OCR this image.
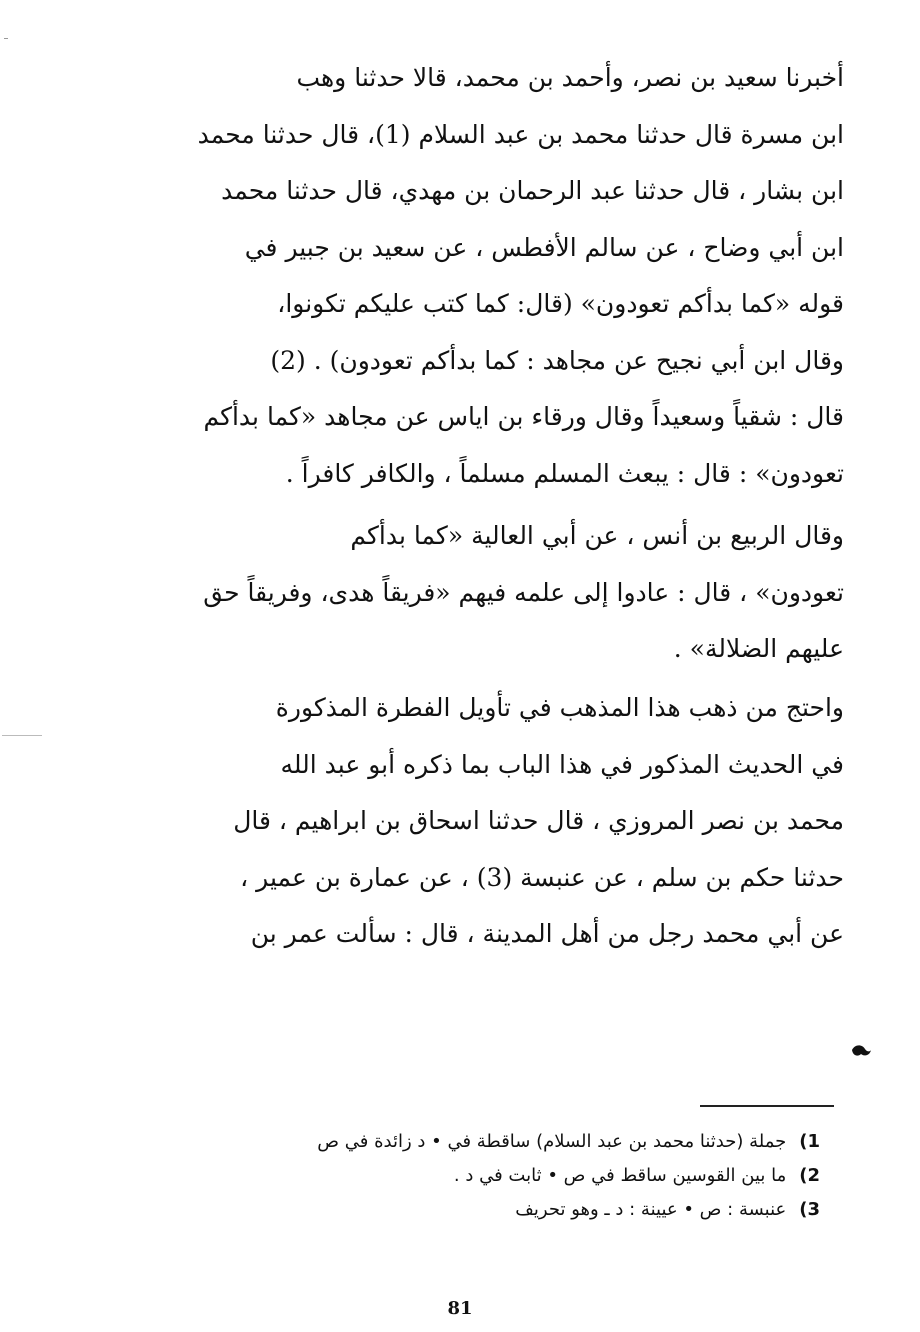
أخبرنا سعيد بن نصر، وأحمد بن محمد، قالا حدثنا وهب
ابن مسرة قال حدثنا محمد بن عبد السلام (1)، قال حدثنا محمد
ابن بشار ، قال حدثنا عبد الرحمان بن مهدي، قال حدثنا محمد
ابن أبي وضاح ، عن سالم الأفطس ، عن سعيد بن جبير في
قوله «كما بدأكم تعودون» (قال: كما كتب عليكم تكونوا،
وقال ابن أبي نجيح عن مجاهد : كما بدأكم تعودون) . (2)
قال : شقياً وسعيداً وقال ورقاء بن اياس عن مجاهد «كما بدأكم
تعودون» : قال : يبعث المسلم مسلماً ، والكافر كافراً .
وقال الربيع بن أنس ، عن أبي العالية «كما بدأكم
تعودون» ، قال : عادوا إلى علمه فيهم «فريقاً هدى، وفريقاً حق
عليهم الضلالة» .
واحتج من ذهب هذا المذهب في تأويل الفطرة المذكورة
في الحديث المذكور في هذا الباب بما ذكره أبو عبد الله
محمد بن نصر المروزي ، قال حدثنا اسحاق بن ابراهيم ، قال
حدثنا حكم بن سلم ، عن عنبسة (3) ، عن عمارة بن عمير ،
عن أبي محمد رجل من أهل المدينة ، قال : سألت عمر بن
1) جملة (حدثنا محمد بن عبد السلام) ساقطة في • د زائدة في ص
2) ما بين القوسين ساقط في ص • ثابت في د .
3) عنبسة : ص • عيينة : د ـ وهو تحريف
81
